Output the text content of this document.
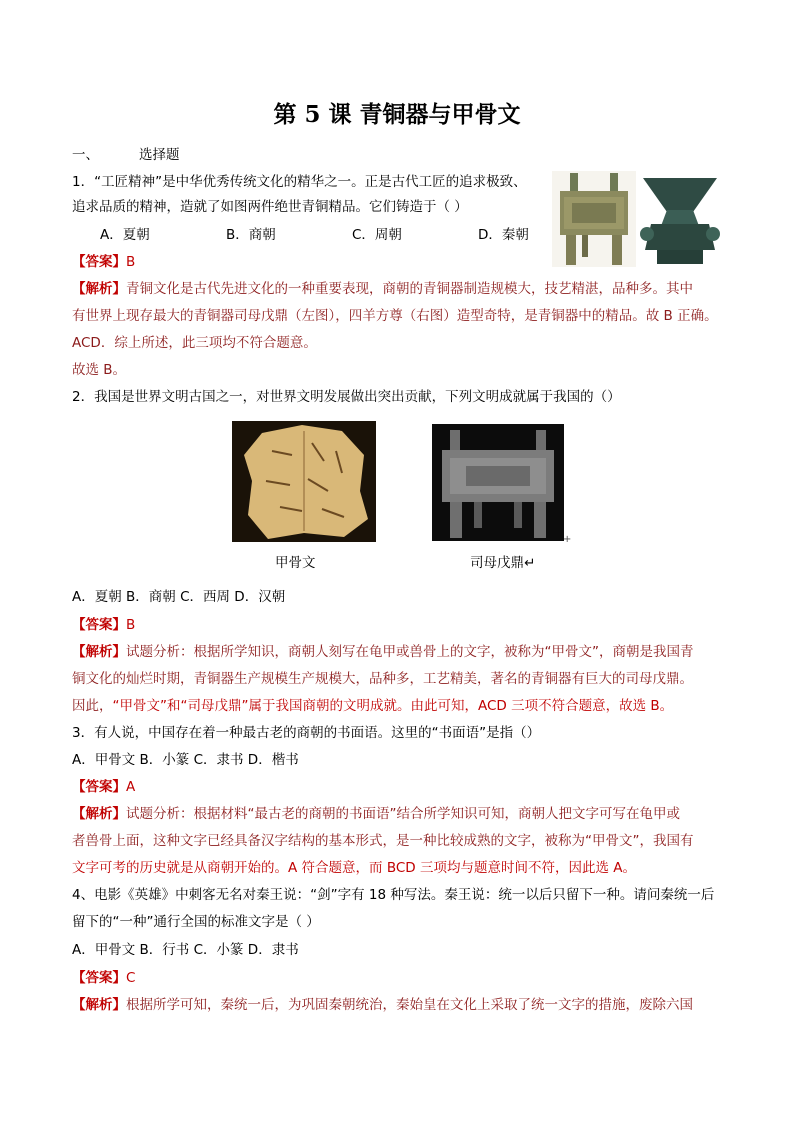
第 5 课 青铜器与甲骨文
一、	选择题
1．“工匠精神”是中华优秀传统文化的精华之一。正是古代工匠的追求极致、
追求品质的精神，造就了如图两件绝世青铜精品。它们铸造于（ ）
A．夏朝	B．商朝	C．周朝	D．秦朝
【答案】B
【解析】青铜文化是古代先进文化的一种重要表现，商朝的青铜器制造规模大，技艺精湛，品种多。其中
有世界上现存最大的青铜器司母戊鼎（左图），四羊方尊（右图）造型奇特，是青铜器中的精品。故 B 正确。
ACD．综上所述，此三项均不符合题意。
故选 B。
2．我国是世界文明古国之一，对世界文明发展做出突出贡献，下列文明成就属于我国的（）
+
甲骨文	司母戊鼎↵
A．夏朝 B．商朝 C．西周 D．汉朝
【答案】B
【解析】试题分析：根据所学知识，商朝人刻写在龟甲或兽骨上的文字，被称为“甲骨文”，商朝是我国青
铜文化的灿烂时期，青铜器生产规模生产规模大，品种多，工艺精美，著名的青铜器有巨大的司母戊鼎。
因此，“甲骨文”和“司母戊鼎”属于我国商朝的文明成就。由此可知，ACD 三项不符合题意，故选 B。
3．有人说，中国存在着一种最古老的商朝的书面语。这里的“书面语”是指（）
A．甲骨文 B．小篆 C．隶书 D．楷书
【答案】A
【解析】试题分析：根据材料“最古老的商朝的书面语”结合所学知识可知，商朝人把文字可写在龟甲或
者兽骨上面，这种文字已经具备汉字结构的基本形式，是一种比较成熟的文字，被称为“甲骨文”，我国有
文字可考的历史就是从商朝开始的。A 符合题意，而 BCD 三项均与题意时间不符，因此选 A。
4、电影《英雄》中刺客无名对秦王说：“剑”字有 18 种写法。秦王说：统一以后只留下一种。请问秦统一后
留下的“一种”通行全国的标准文字是（ ）
A．甲骨文 B．行书 C．小篆 D．隶书
【答案】C
【解析】根据所学可知，秦统一后，为巩固秦朝统治，秦始皇在文化上采取了统一文字的措施，废除六国
